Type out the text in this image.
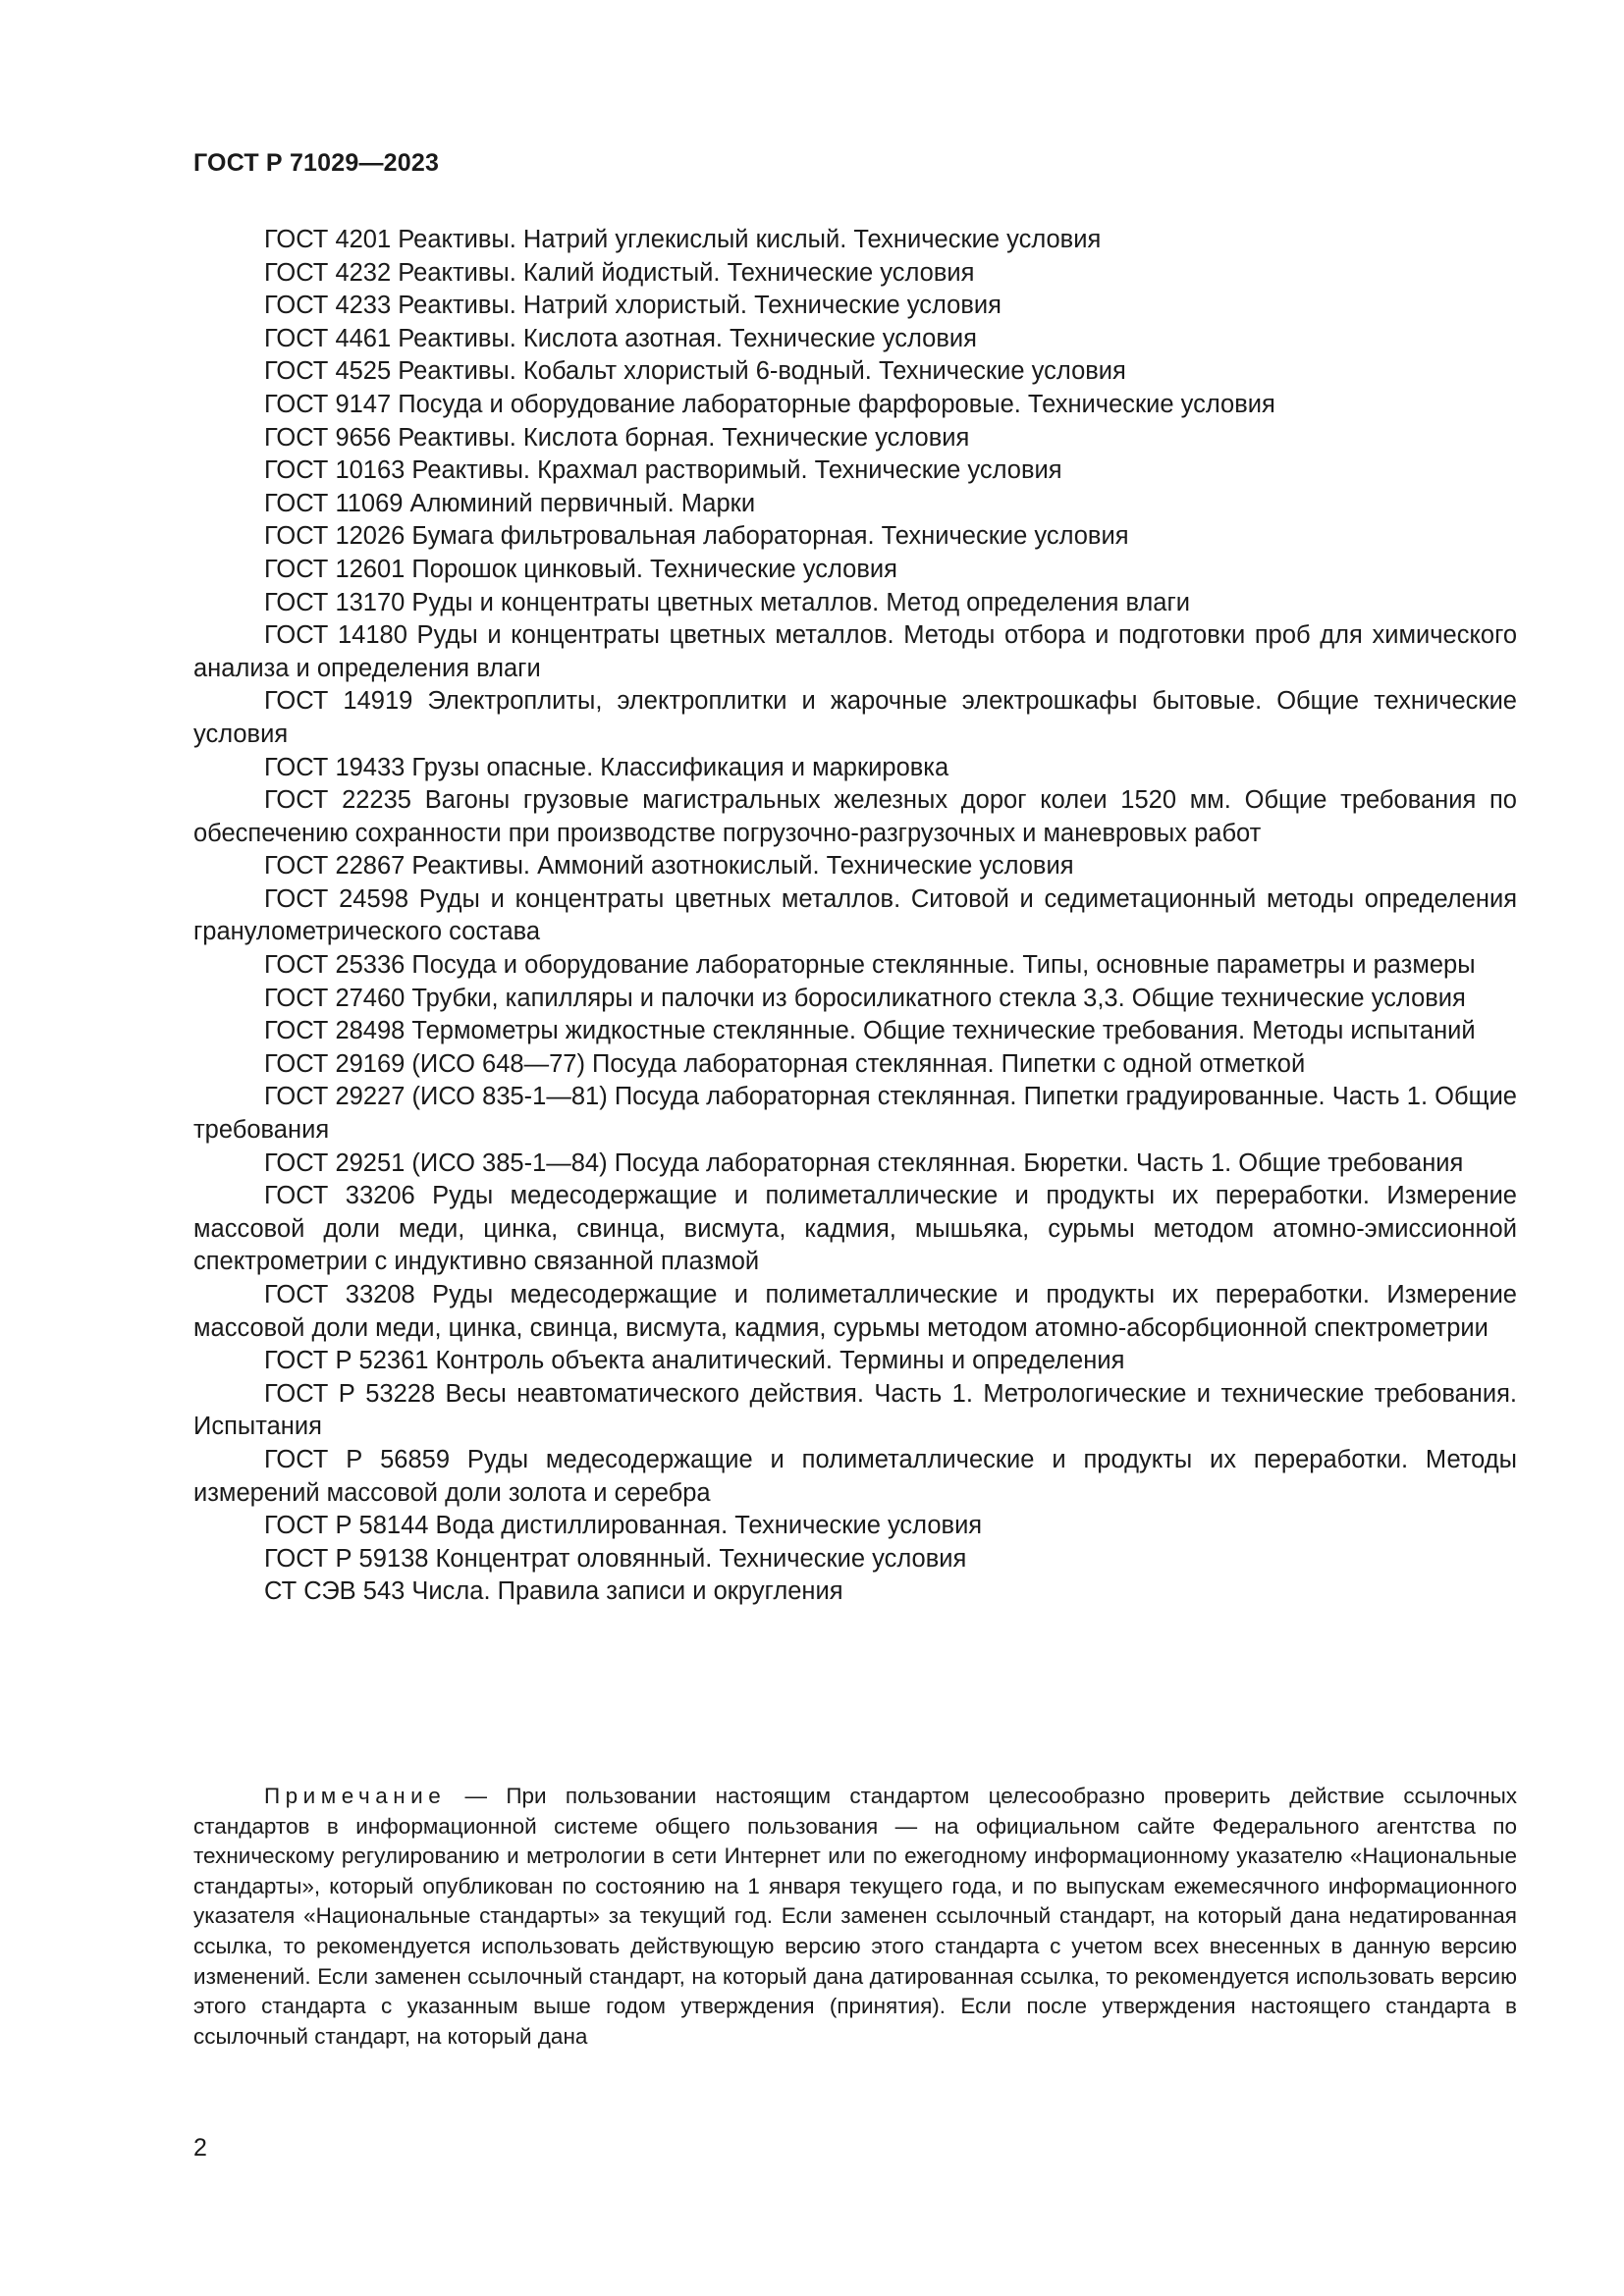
ГОСТ Р 71029—2023

ГОСТ 4201 Реактивы. Натрий углекислый кислый. Технические условия

ГОСТ 4232 Реактивы. Калий йодистый. Технические условия

ГОСТ 4233 Реактивы. Натрий хлористый. Технические условия

ГОСТ 4461 Реактивы. Кислота азотная. Технические условия

ГОСТ 4525 Реактивы. Кобальт хлористый 6-водный. Технические условия

ГОСТ 9147 Посуда и оборудование лабораторные фарфоровые. Технические условия

ГОСТ 9656 Реактивы. Кислота борная. Технические условия

ГОСТ 10163 Реактивы. Крахмал растворимый. Технические условия

ГОСТ 11069 Алюминий первичный. Марки

ГОСТ 12026 Бумага фильтровальная лабораторная. Технические условия

ГОСТ 12601 Порошок цинковый. Технические условия

ГОСТ 13170 Руды и концентраты цветных металлов. Метод определения влаги

ГОСТ 14180 Руды и концентраты цветных металлов. Методы отбора и подготовки проб для химического анализа и определения влаги

ГОСТ 14919 Электроплиты, электроплитки и жарочные электрошкафы бытовые. Общие технические условия

ГОСТ 19433 Грузы опасные. Классификация и маркировка

ГОСТ 22235 Вагоны грузовые магистральных железных дорог колеи 1520 мм. Общие требования по обеспечению сохранности при производстве погрузочно-разгрузочных и маневровых работ

ГОСТ 22867 Реактивы. Аммоний азотнокислый. Технические условия

ГОСТ 24598 Руды и концентраты цветных металлов. Ситовой и седиметационный методы определения гранулометрического состава

ГОСТ 25336 Посуда и оборудование лабораторные стеклянные. Типы, основные параметры и размеры

ГОСТ 27460 Трубки, капилляры и палочки из боросиликатного стекла 3,3. Общие технические условия

ГОСТ 28498 Термометры жидкостные стеклянные. Общие технические требования. Методы испытаний

ГОСТ 29169 (ИСО 648—77) Посуда лабораторная стеклянная. Пипетки с одной отметкой

ГОСТ 29227 (ИСО 835-1—81) Посуда лабораторная стеклянная. Пипетки градуированные. Часть 1. Общие требования

ГОСТ 29251 (ИСО 385-1—84) Посуда лабораторная стеклянная. Бюретки. Часть 1. Общие требования

ГОСТ 33206 Руды медесодержащие и полиметаллические и продукты их переработки. Измерение массовой доли меди, цинка, свинца, висмута, кадмия, мышьяка, сурьмы методом атомно-эмиссионной спектрометрии с индуктивно связанной плазмой

ГОСТ 33208 Руды медесодержащие и полиметаллические и продукты их переработки. Измерение массовой доли меди, цинка, свинца, висмута, кадмия, сурьмы методом атомно-абсорбционной спектрометрии

ГОСТ Р 52361 Контроль объекта аналитический. Термины и определения

ГОСТ Р 53228 Весы неавтоматического действия. Часть 1. Метрологические и технические требования. Испытания

ГОСТ Р 56859 Руды медесодержащие и полиметаллические и продукты их переработки. Методы измерений массовой доли золота и серебра

ГОСТ Р 58144 Вода дистиллированная. Технические условия

ГОСТ Р 59138 Концентрат оловянный. Технические условия

СТ СЭВ 543 Числа. Правила записи и округления

Примечание — При пользовании настоящим стандартом целесообразно проверить действие ссылочных стандартов в информационной системе общего пользования — на официальном сайте Федерального агентства по техническому регулированию и метрологии в сети Интернет или по ежегодному информационному указателю «Национальные стандарты», который опубликован по состоянию на 1 января текущего года, и по выпускам ежемесячного информационного указателя «Национальные стандарты» за текущий год. Если заменен ссылочный стандарт, на который дана недатированная ссылка, то рекомендуется использовать действующую версию этого стандарта с учетом всех внесенных в данную версию изменений. Если заменен ссылочный стандарт, на который дана датированная ссылка, то рекомендуется использовать версию этого стандарта с указанным выше годом утверждения (принятия). Если после утверждения настоящего стандарта в ссылочный стандарт, на который дана

2
